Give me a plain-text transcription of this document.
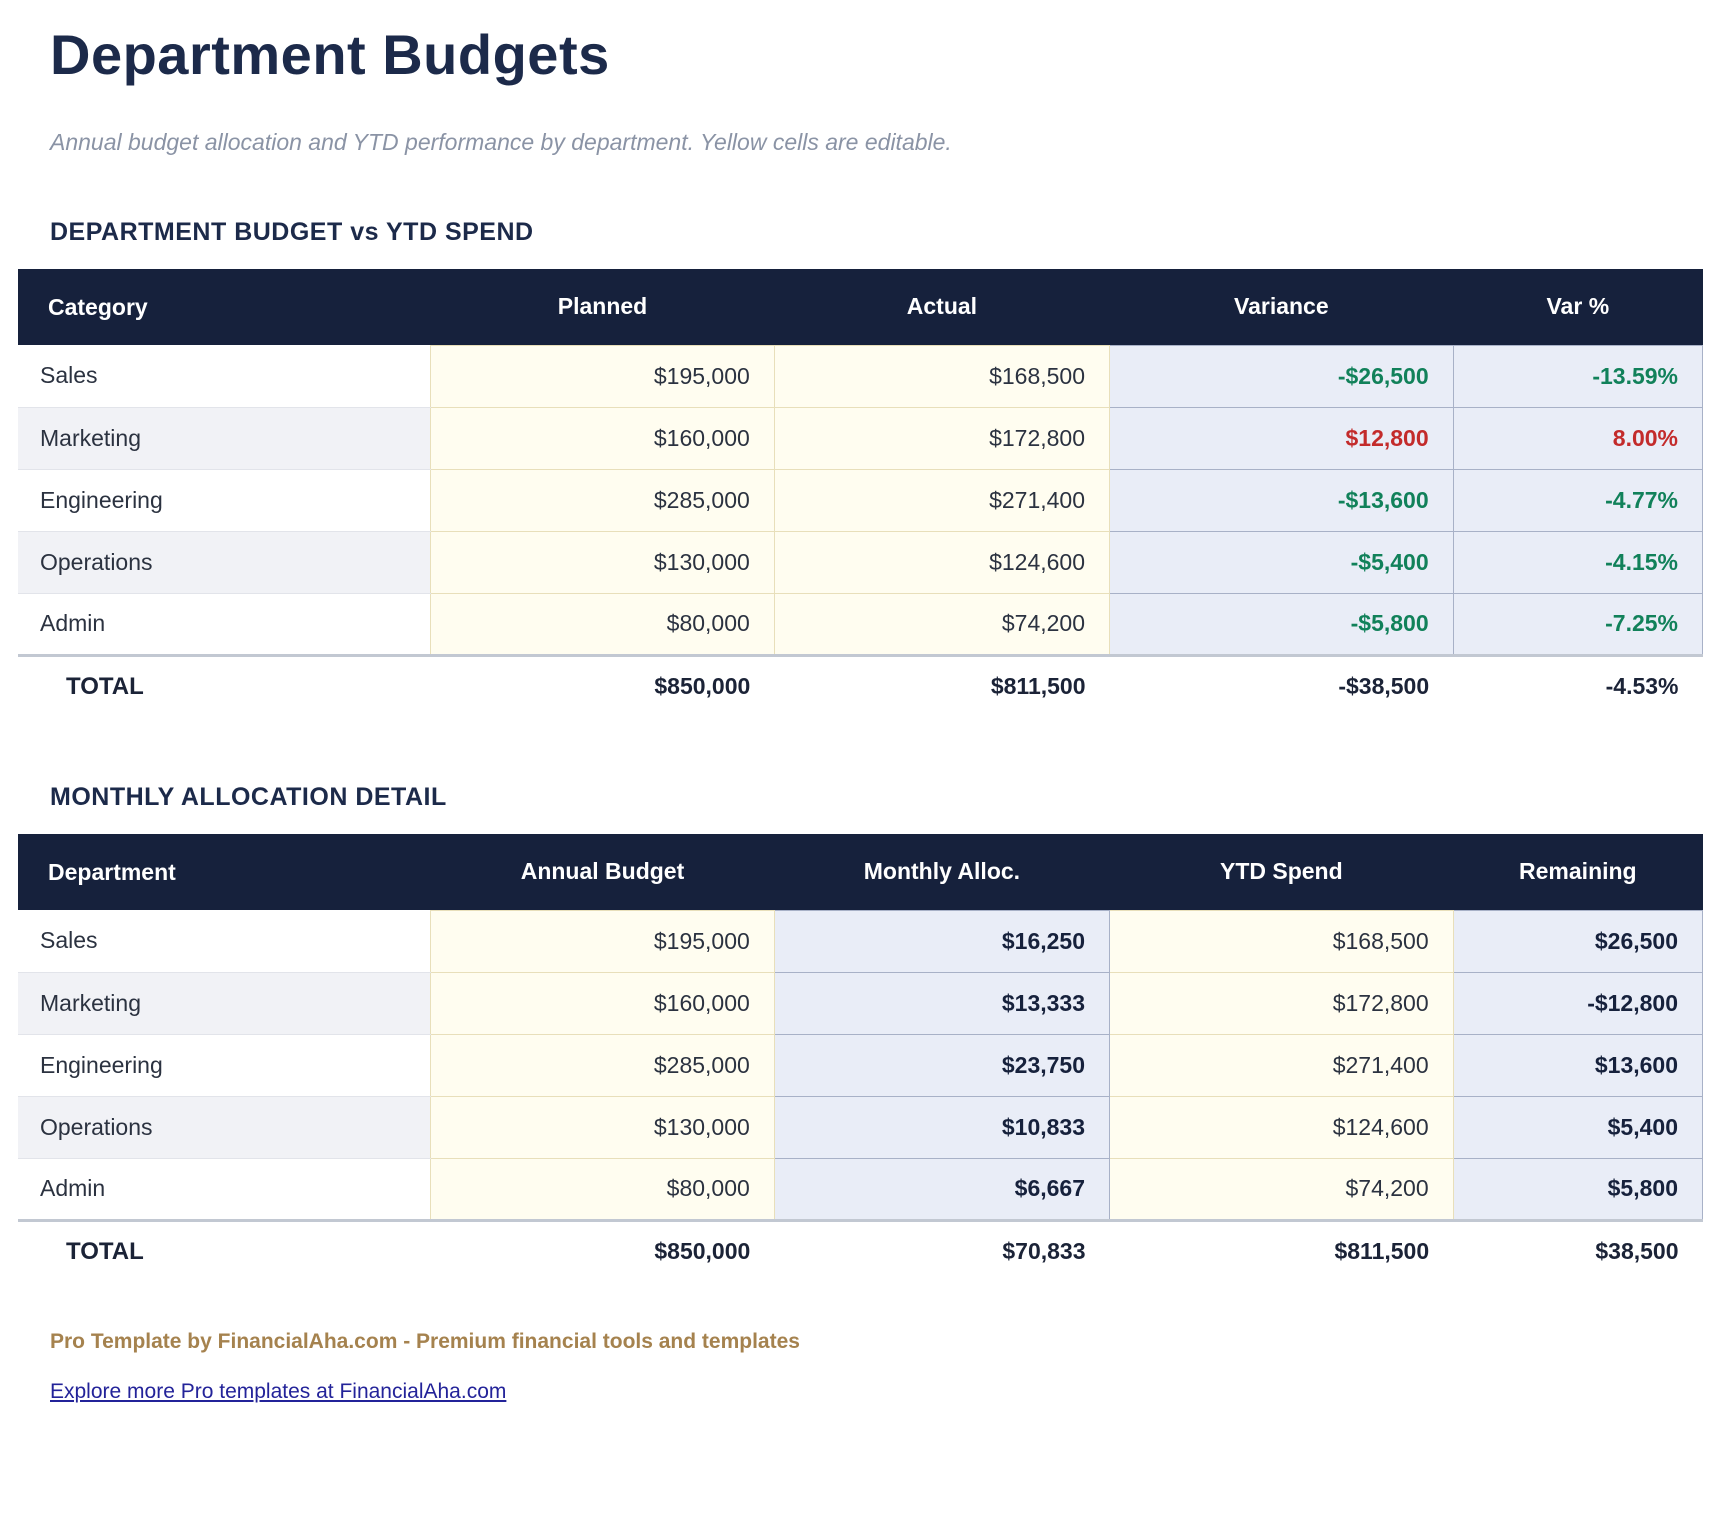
Department Budgets

Annual budget allocation and YTD performance by department. Yellow cells are editable.

DEPARTMENT BUDGET vs YTD SPEND
Category	Planned	Actual	Variance	Var %
Sales	$195,000	$168,500	-$26,500	-13.59%
Marketing	$160,000	$172,800	$12,800	8.00%
Engineering	$285,000	$271,400	-$13,600	-4.77%
Operations	$130,000	$124,600	-$5,400	-4.15%
Admin	$80,000	$74,200	-$5,800	-7.25%
TOTAL	$850,000	$811,500	-$38,500	-4.53%
MONTHLY ALLOCATION DETAIL
Department	Annual Budget	Monthly Alloc.	YTD Spend	Remaining
Sales	$195,000	$16,250	$168,500	$26,500
Marketing	$160,000	$13,333	$172,800	-$12,800
Engineering	$285,000	$23,750	$271,400	$13,600
Operations	$130,000	$10,833	$124,600	$5,400
Admin	$80,000	$6,667	$74,200	$5,800
TOTAL	$850,000	$70,833	$811,500	$38,500

Pro Template by FinancialAha.com - Premium financial tools and templates

Explore more Pro templates at FinancialAha.com
